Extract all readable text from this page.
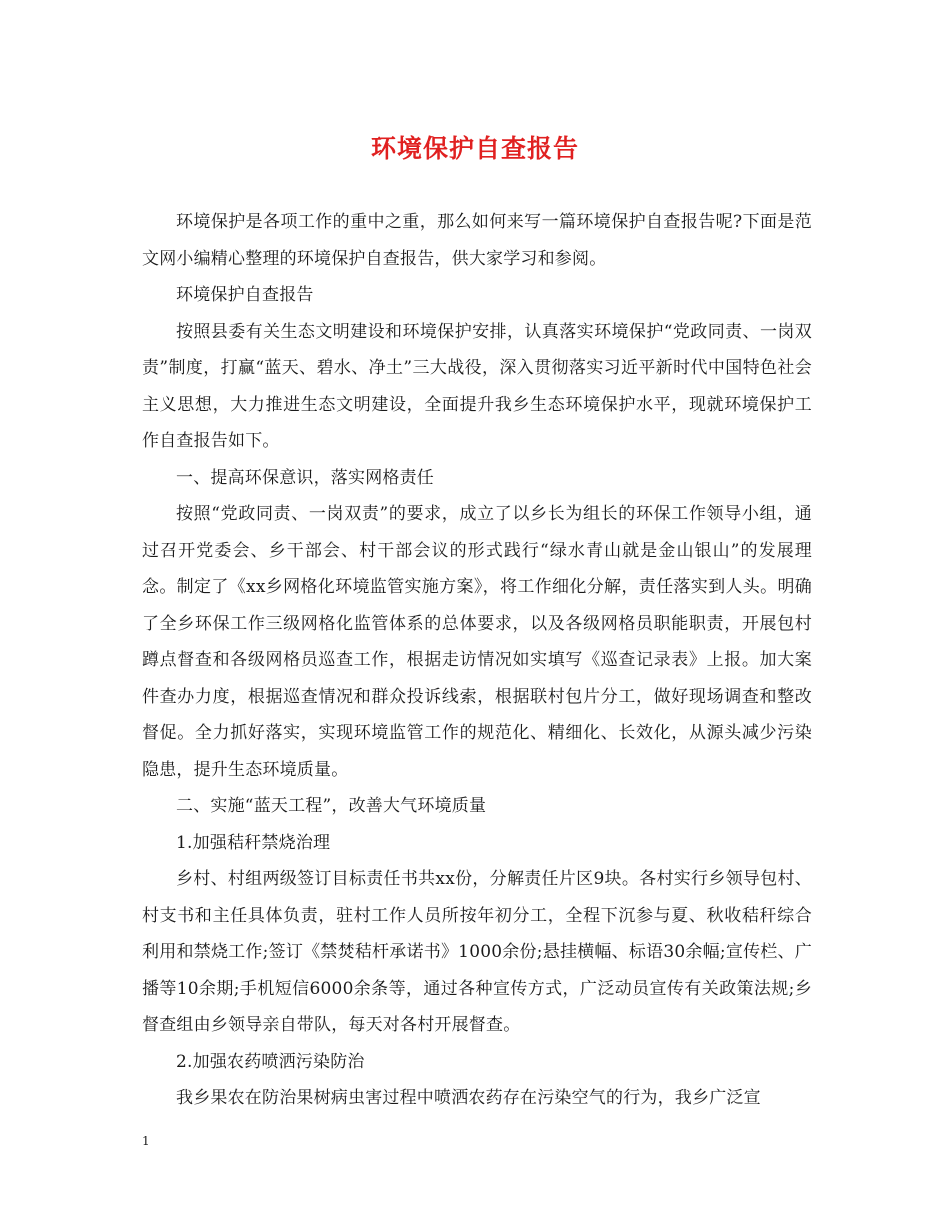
环境保护自查报告

环境保护是各项工作的重中之重，那么如何来写一篇环境保护自查报告呢?下面是范文网小编精心整理的环境保护自查报告，供大家学习和参阅。

环境保护自查报告

按照县委有关生态文明建设和环境保护安排，认真落实环境保护“党政同责、一岗双责”制度，打赢“蓝天、碧水、净土”三大战役，深入贯彻落实习近平新时代中国特色社会主义思想，大力推进生态文明建设，全面提升我乡生态环境保护水平，现就环境保护工作自查报告如下。

一、提高环保意识，落实网格责任

按照“党政同责、一岗双责”的要求，成立了以乡长为组长的环保工作领导小组，通过召开党委会、乡干部会、村干部会议的形式践行“绿水青山就是金山银山”的发展理念。制定了《xx乡网格化环境监管实施方案》，将工作细化分解，责任落实到人头。明确了全乡环保工作三级网格化监管体系的总体要求，以及各级网格员职能职责，开展包村蹲点督查和各级网格员巡查工作，根据走访情况如实填写《巡查记录表》上报。加大案件查办力度，根据巡查情况和群众投诉线索，根据联村包片分工，做好现场调查和整改督促。全力抓好落实，实现环境监管工作的规范化、精细化、长效化，从源头减少污染隐患，提升生态环境质量。

二、实施“蓝天工程”，改善大气环境质量

1.加强秸秆禁烧治理

乡村、村组两级签订目标责任书共xx份，分解责任片区9块。各村实行乡领导包村、村支书和主任具体负责，驻村工作人员所按年初分工，全程下沉参与夏、秋收秸秆综合利用和禁烧工作;签订《禁焚秸杆承诺书》1000余份;悬挂横幅、标语30余幅;宣传栏、广播等10余期;手机短信6000余条等，通过各种宣传方式，广泛动员宣传有关政策法规;乡督查组由乡领导亲自带队，每天对各村开展督查。

2.加强农药喷洒污染防治

我乡果农在防治果树病虫害过程中喷洒农药存在污染空气的行为，我乡广泛宣

1
